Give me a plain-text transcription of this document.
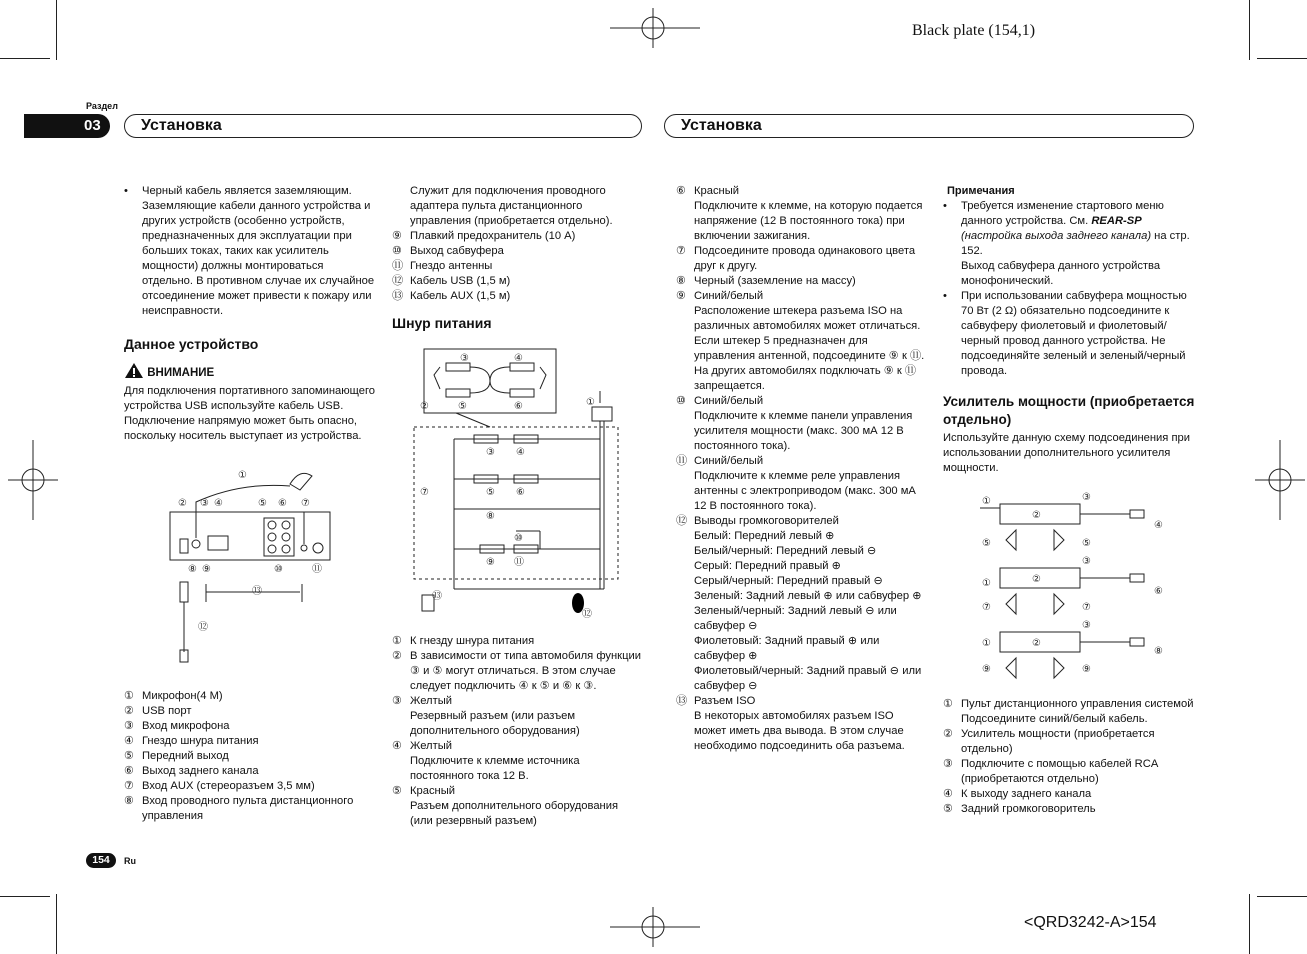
Black plate (154,1)
Раздел
03	Установка	Установка
• Черный кабель является заземляющим. Заземляющие кабели данного устройства и других устройств (особенно устройств, предназначенных для эксплуатации при больших токах, таких как усилитель мощности) должны монтироваться отдельно. В противном случае их случайное отсоединение может привести к пожару или неисправности.
Данное устройство
ВНИМАНИЕ
Для подключения портативного запоминающего устройства USB используйте кабель USB. Подключение напрямую может быть опасно, поскольку носитель выступает из устройства.
①
② ③ ④	⑤ ⑥ ⑦
⑧ ⑨	⑩	⑪
⑬
⑫
① Микрофон(4 М)
② USB порт
③ Вход микрофона
④ Гнездо шнура питания
⑤ Передний выход
⑥ Выход заднего канала
⑦ Вход AUX (стереоразъем 3,5 мм)
⑧ Вход проводного пульта дистанционного управления
Служит для подключения проводного адаптера пульта дистанционного управления (приобретается отдельно).
⑨ Плавкий предохранитель (10 А)
⑩ Выход сабвуфера
⑪ Гнездо антенны
⑫ Кабель USB (1,5 м)
⑬ Кабель AUX (1,5 м)
Шнур питания
③	④
②	⑤	⑥	①
③ ④
⑤ ⑥
⑦
⑧
⑩
⑨ ⑪
⑬
⑫
① К гнезду шнура питания
② В зависимости от типа автомобиля функции ③ и ⑤ могут отличаться. В этом случае следует подключить ④ к ⑤ и ⑥ к ③.
③ Желтый
Резервный разъем (или разъем дополнительного оборудования)
④ Желтый
Подключите к клемме источника постоянного тока 12 В.
⑤ Красный
Разъем дополнительного оборудования (или резервный разъем)
⑥ Красный
Подключите к клемме, на которую подается напряжение (12 В постоянного тока) при включении зажигания.
⑦ Подсоедините провода одинакового цвета друг к другу.
⑧ Черный (заземление на массу)
⑨ Синий/белый
Расположение штекера разъема ISO на различных автомобилях может отличаться. Если штекер 5 предназначен для управления антенной, подсоедините ⑨ к ⑪. На других автомобилях подключать ⑨ к ⑪ запрещается.
⑩ Синий/белый
Подключите к клемме панели управления усилителя мощности (макс. 300 мА 12 В постоянного тока).
⑪ Синий/белый
Подключите к клемме реле управления антенны с электроприводом (макс. 300 мА 12 В постоянного тока).
⑫ Выводы громкоговорителей
Белый: Передний левый ⊕
Белый/черный: Передний левый ⊖
Серый: Передний правый ⊕
Серый/черный: Передний правый ⊖
Зеленый: Задний левый ⊕ или сабвуфер ⊕
Зеленый/черный: Задний левый ⊖ или сабвуфер ⊖
Фиолетовый: Задний правый ⊕ или сабвуфер ⊕
Фиолетовый/черный: Задний правый ⊖ или сабвуфер ⊖
⑬ Разъем ISO
В некоторых автомобилях разъем ISO может иметь два вывода. В этом случае необходимо подсоединить оба разъема.
Примечания
• Требуется изменение стартового меню данного устройства. См. REAR-SP (настройка выхода заднего канала) на стр. 152.
Выход сабвуфера данного устройства монофонический.
• При использовании сабвуфера мощностью 70 Вт (2 Ω) обязательно подсоедините к сабвуферу фиолетовый и фиолетовый/черный провод данного устройства. Не подсоединяйте зеленый и зеленый/черный провода.
Усилитель мощности (приобретается отдельно)
Используйте данную схему подсоединения при использовании дополнительного усилителя мощности.
①	③
④
⑤	⑤
③
①
⑥
⑦	⑦
③
①
⑧
⑨	⑨
②
②
②
① Пульт дистанционного управления системой
Подсоедините синий/белый кабель.
② Усилитель мощности (приобретается отдельно)
③ Подключите с помощью кабелей RCA (приобретаются отдельно)
④ К выходу заднего канала
⑤ Задний громкоговоритель
154	Ru
<QRD3242-A>154
